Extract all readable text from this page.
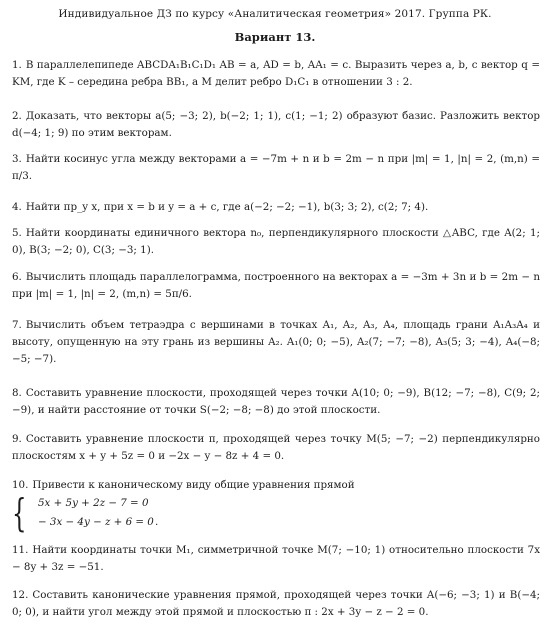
Индивидуальное ДЗ по курсу «Аналитическая геометрия» 2017. Группа РК.
Вариант 13.
1. В параллелепипеде ABCDA₁B₁C₁D₁ AB = a, AD = b, AA₁ = c. Выразить через a, b, c вектор q = KM, где K – середина ребра BB₁, а M делит ребро D₁C₁ в отношении 3 : 2.
2. Доказать, что векторы a(5; −3; 2), b(−2; 1; 1), c(1; −1; 2) образуют базис. Разложить вектор d(−4; 1; 9) по этим векторам.
3. Найти косинус угла между векторами a = −7m + n и b = 2m − n при |m| = 1, |n| = 2, (m,n) = π/3.
4. Найти пр_y x, при x = b и y = a + c, где a(−2; −2; −1), b(3; 3; 2), c(2; 7; 4).
5. Найти координаты единичного вектора n₀, перпендикулярного плоскости △ABC, где A(2; 1; 0), B(3; −2; 0), C(3; −3; 1).
6. Вычислить площадь параллелограмма, построенного на векторах a = −3m + 3n и b = 2m − n при |m| = 1, |n| = 2, (m,n) = 5π/6.
7. Вычислить объем тетраэдра с вершинами в точках A₁, A₂, A₃, A₄, площадь грани A₁A₃A₄ и высоту, опущенную на эту грань из вершины A₂. A₁(0; 0; −5), A₂(7; −7; −8), A₃(5; 3; −4), A₄(−8; −5; −7).
8. Составить уравнение плоскости, проходящей через точки A(10; 0; −9), B(12; −7; −8), C(9; 2; −9), и найти расстояние от точки S(−2; −8; −8) до этой плоскости.
9. Составить уравнение плоскости π, проходящей через точку M(5; −7; −2) перпендикулярно плоскостям x + y + 5z = 0 и −2x − y − 8z + 4 = 0.
10. Привести к каноническому виду общие уравнения прямой
{ 5x + 5y + 2z − 7 = 0
− 3x − 4y − z + 6 = 0 .
11. Найти координаты точки M₁, симметричной точке M(7; −10; 1) относительно плоскости 7x − 8y + 3z = −51.
12. Составить канонические уравнения прямой, проходящей через точки A(−6; −3; 1) и B(−4; 0; 0), и найти угол между этой прямой и плоскостью π : 2x + 3y − z − 2 = 0.
